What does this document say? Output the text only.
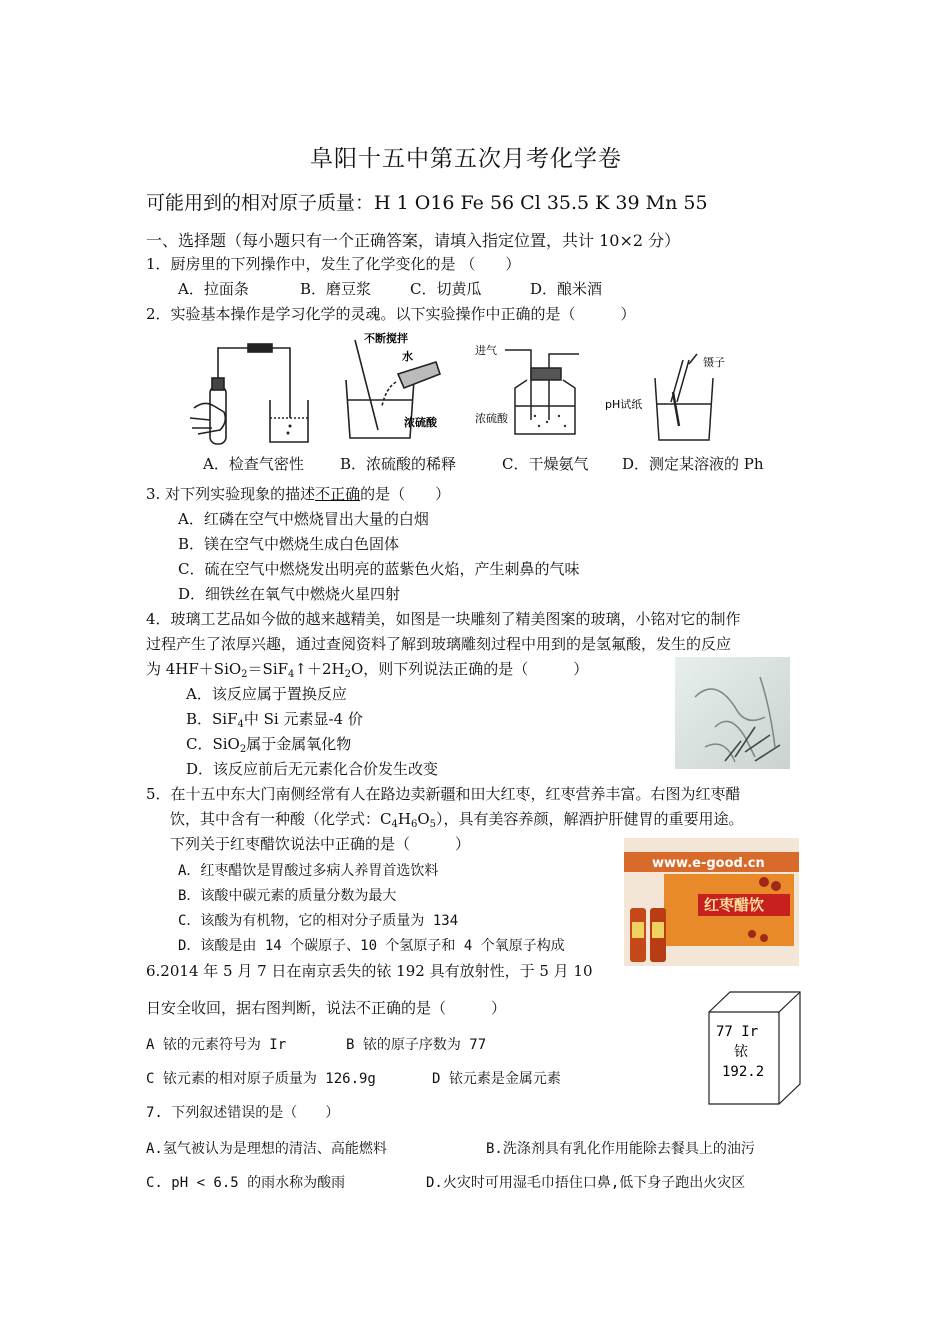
阜阳十五中第五次月考化学卷
可能用到的相对原子质量：H 1 O16 Fe 56 Cl 35.5 K 39 Mn 55
一、选择题（每小题只有一个正确答案，请填入指定位置，共计 10×2 分）
1．厨房里的下列操作中，发生了化学变化的是 （　　）
A．拉面条	B．磨豆浆	C．切黄瓜	D．酿米酒
2．实验基本操作是学习化学的灵魂。以下实验操作中正确的是（　　　）
不断搅拌
水
浓硫酸
进气
浓硫酸
镊子
pH试纸
A．检查气密性 B．浓硫酸的稀释	C．干燥氨气 D．测定某溶液的 Ph
3. 对下列实验现象的描述不正确的是（　　）
A．红磷在空气中燃烧冒出大量的白烟
B．镁在空气中燃烧生成白色固体
C．硫在空气中燃烧发出明亮的蓝紫色火焰，产生刺鼻的气味
D．细铁丝在氧气中燃烧火星四射
4．玻璃工艺品如今做的越来越精美，如图是一块雕刻了精美图案的玻璃，小铭对它的制作
过程产生了浓厚兴趣，通过查阅资料了解到玻璃雕刻过程中用到的是氢氟酸，发生的反应
为 $4HF+SiO_2=SiF_4↑+2H_2O$，则下列说法正确的是（　　　）
A．该反应属于置换反应
B．SiF$_4$中 Si 元素显-4 价
C．SiO$_2$属于金属氧化物
D．该反应前后无元素化合价发生改变
5．在十五中东大门南侧经常有人在路边卖新疆和田大红枣，红枣营养丰富。右图为红枣醋
饮，其中含有一种酸（化学式：$C_4H_6O_5$），具有美容养颜，解酒护肝健胃的重要用途。
下列关于红枣醋饮说法中正确的是（　　　）
A．红枣醋饮是胃酸过多病人养胃首选饮料
B．该酸中碳元素的质量分数为最大
C．该酸为有机物，它的相对分子质量为 134
D．该酸是由 14 个碳原子、10 个氢原子和 4 个氧原子构成
www.e-good.cn
红枣醋饮
6.2014 年 5 月 7 日在南京丢失的铱 192 具有放射性，于 5 月 10
日安全收回，据右图判断，说法不正确的是（　　　）
A 铱的元素符号为 Ir	B 铱的原子序数为 77
C 铱元素的相对原子质量为 126.9g	D 铱元素是金属元素
77 Ir
铱
192.2
7. 下列叙述错误的是（　　）
A.氢气被认为是理想的清洁、高能燃料	B.洗涤剂具有乳化作用能除去餐具上的油污
C. pH < 6.5 的雨水称为酸雨	D.火灾时可用湿毛巾捂住口鼻,低下身子跑出火灾区
